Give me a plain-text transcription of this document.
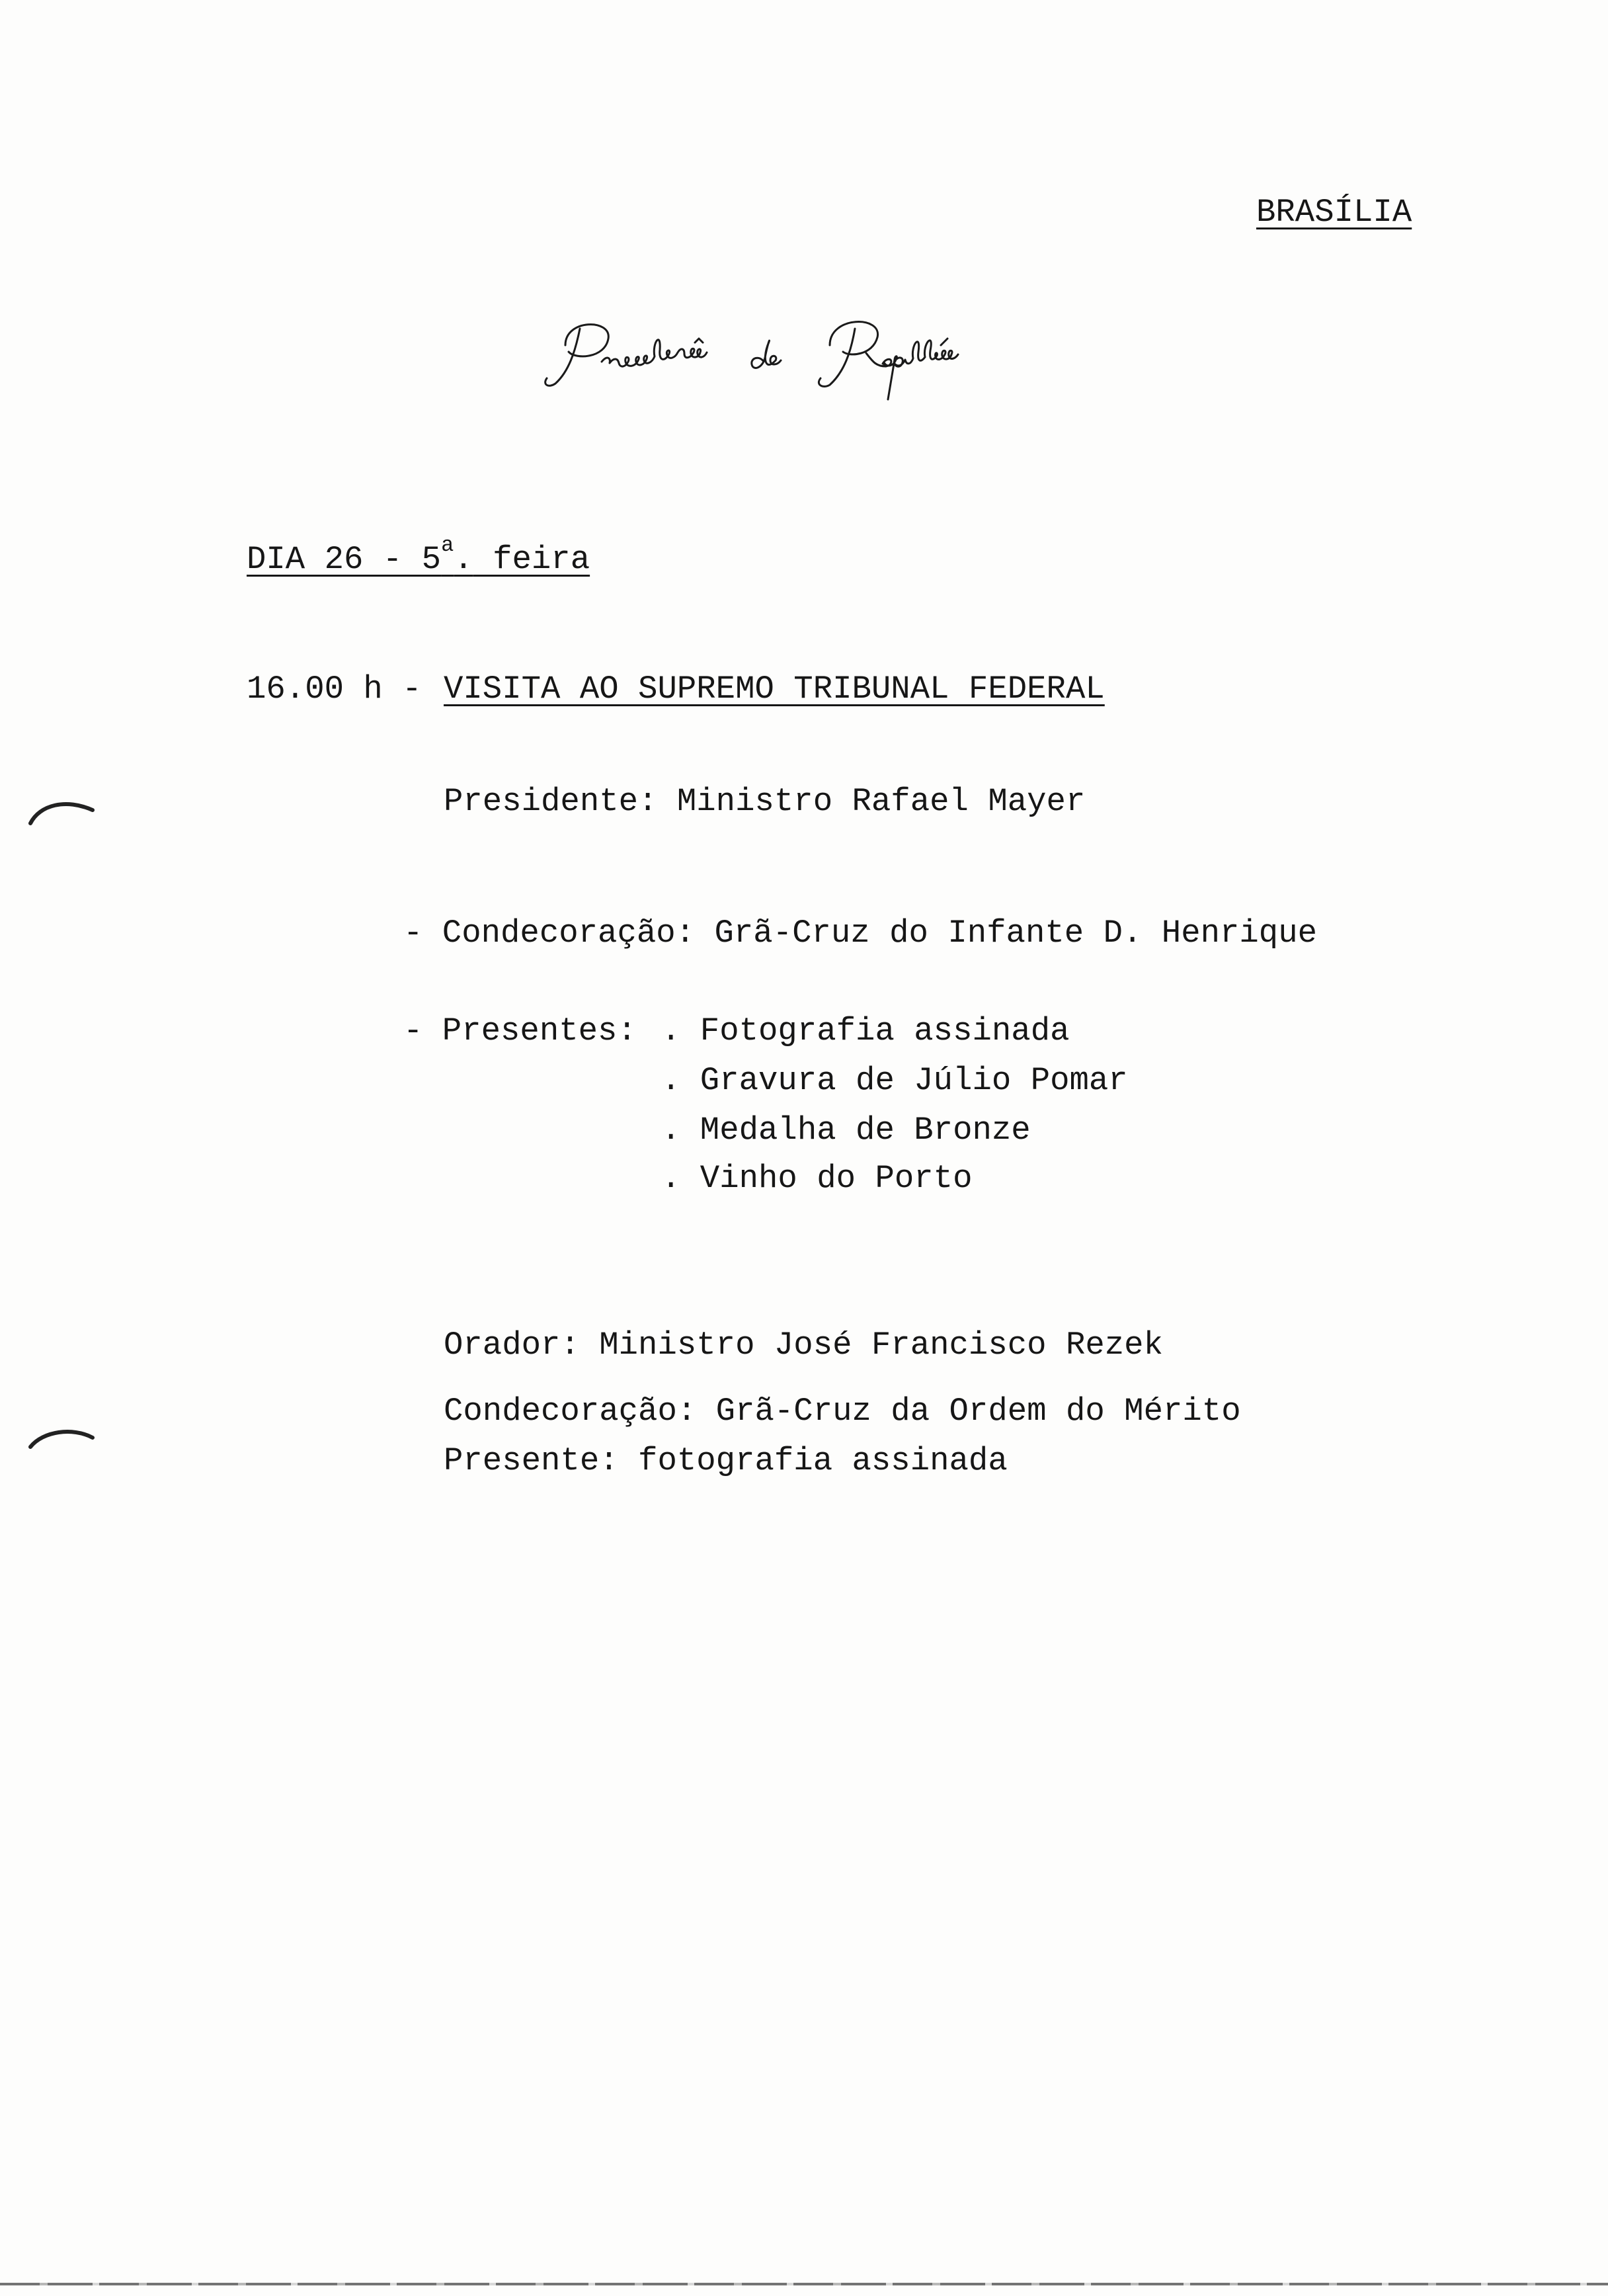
BRASÍLIA
DIA 26 - 5$^a$. feira
16.00 h - VISITA AO SUPREMO TRIBUNAL FEDERAL
Presidente: Ministro Rafael Mayer
- Condecoração: Grã-Cruz do Infante D. Henrique
- Presentes: . Fotografia assinada
. Gravura de Júlio Pomar
. Medalha de Bronze
. Vinho do Porto
Orador: Ministro José Francisco Rezek
Condecoração: Grã-Cruz da Ordem do Mérito
Presente: fotografia assinada
